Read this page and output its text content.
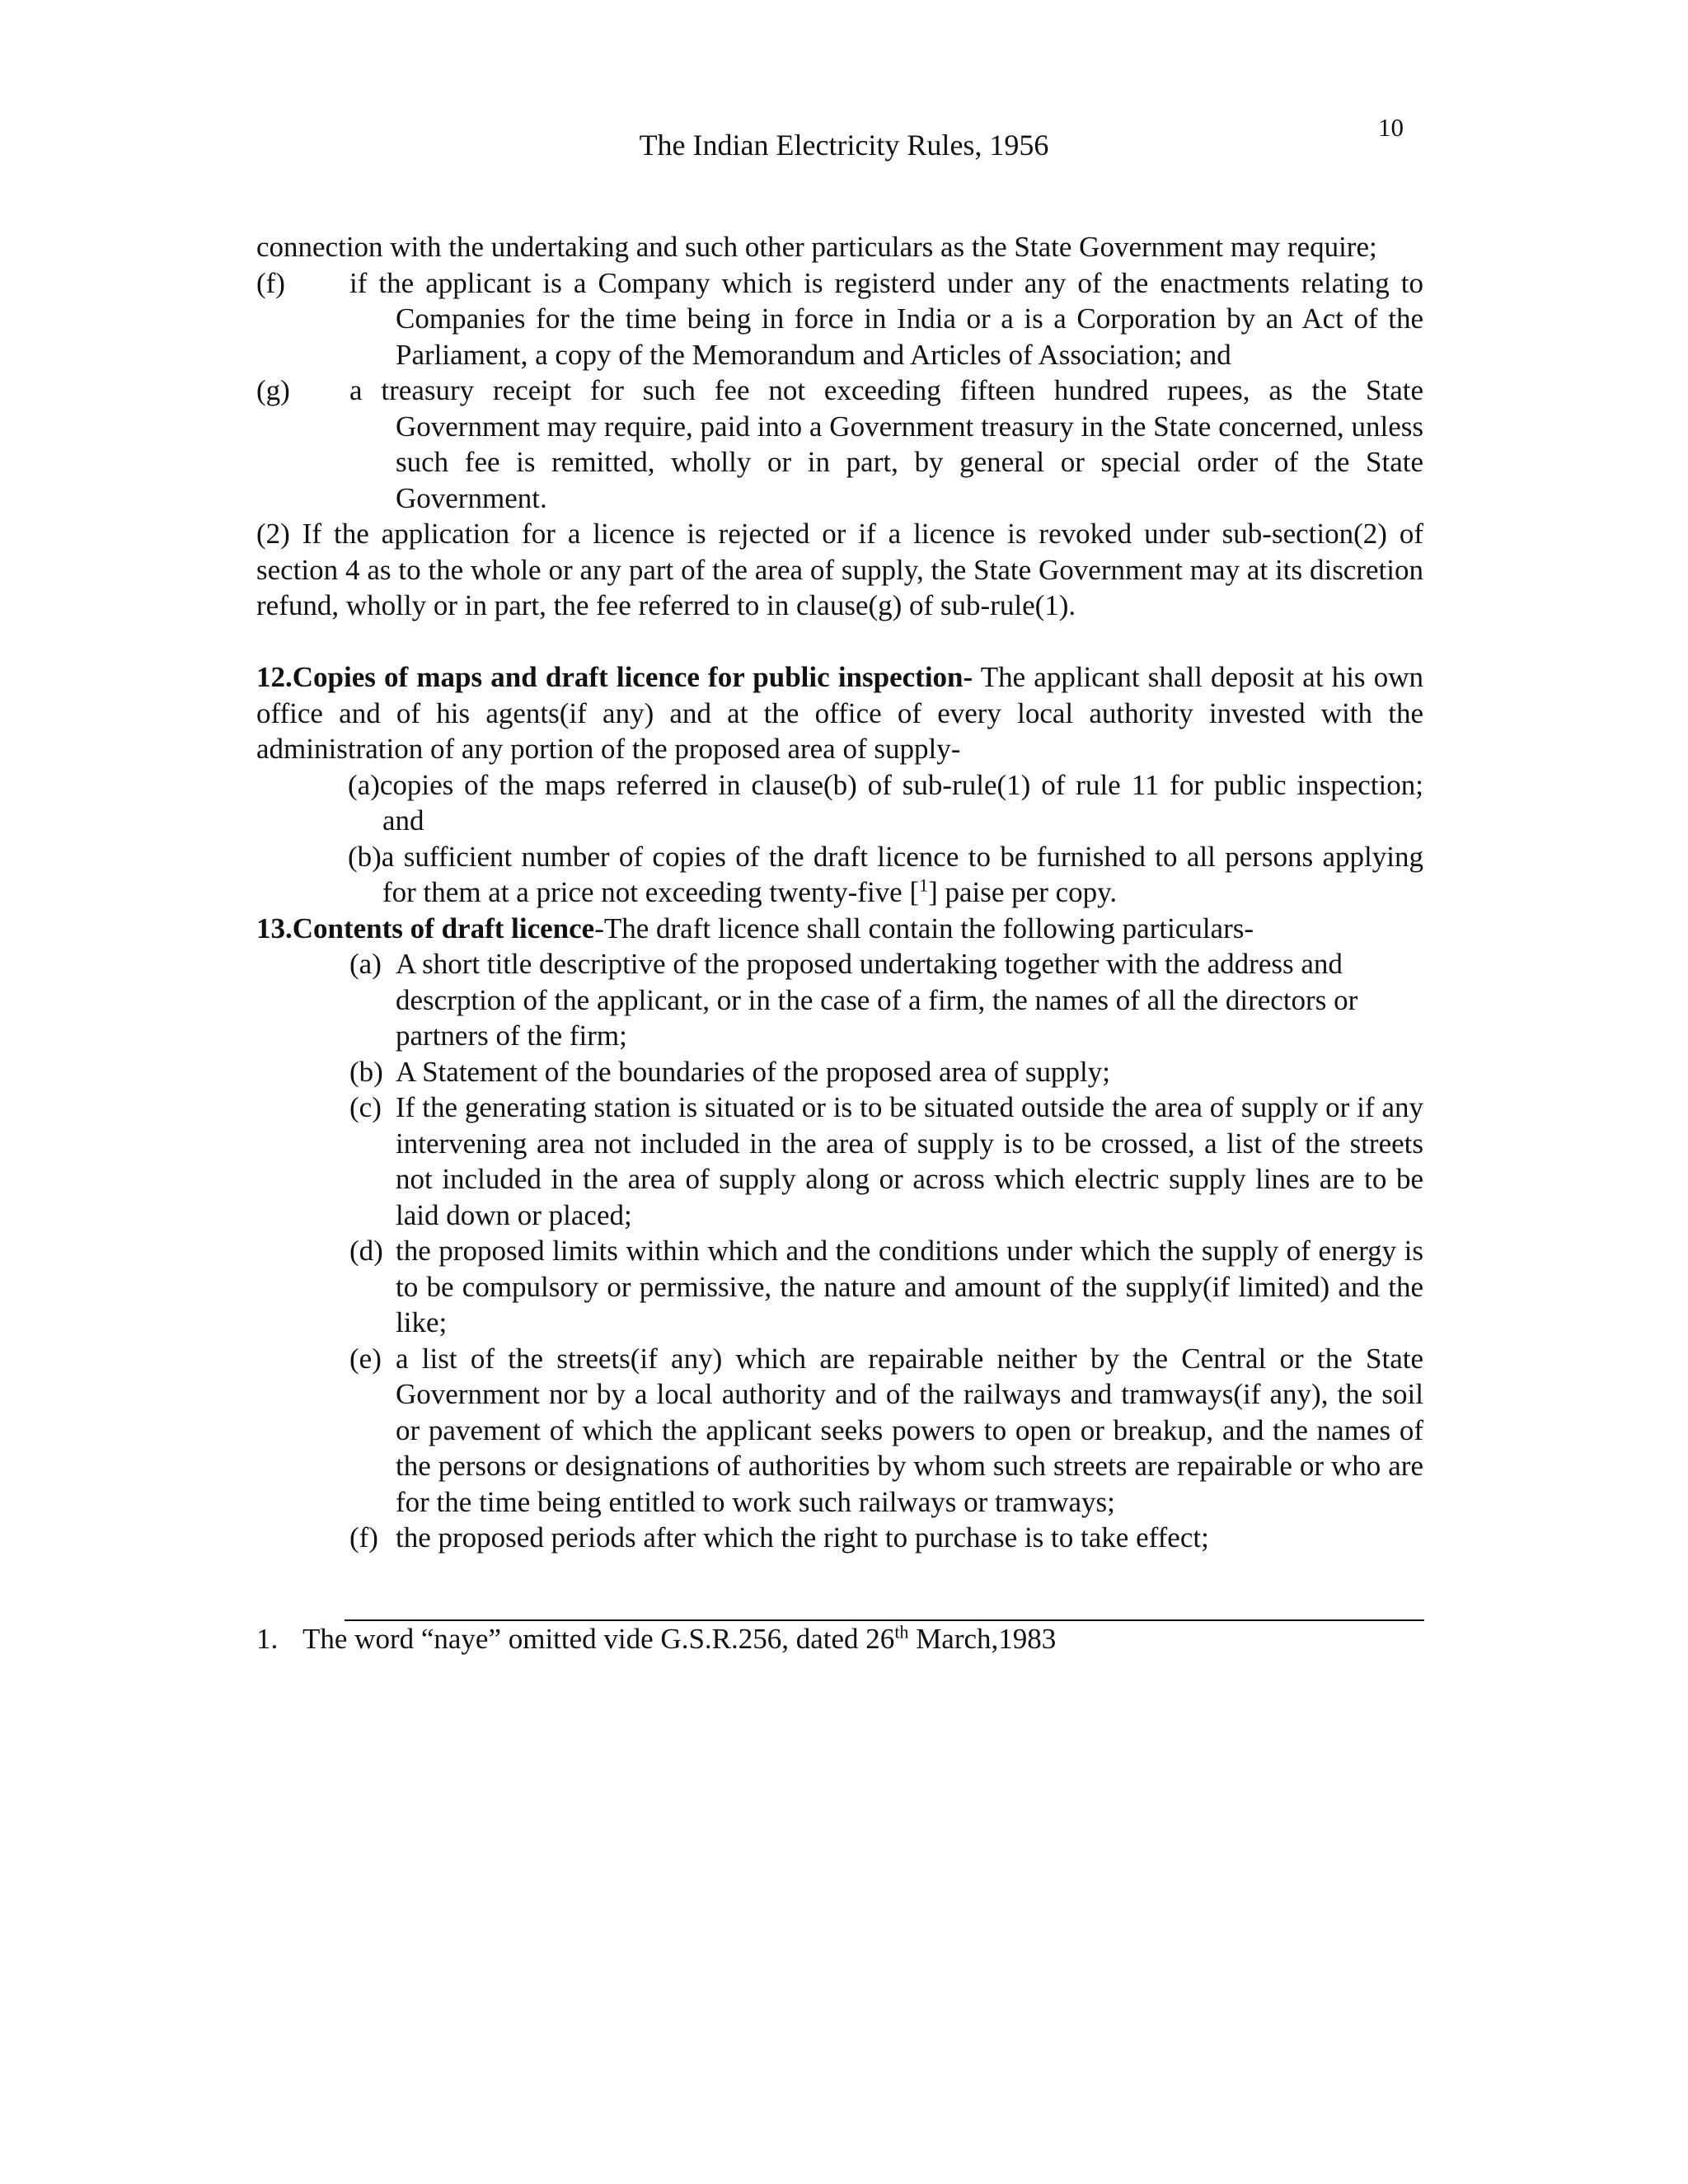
10
The Indian Electricity Rules, 1956

connection with the undertaking and such other particulars as the State Government may require;

(f)	if the applicant is a Company which is registerd under any of the enactments relating to Companies for the time being in force in India or a is a Corporation by an Act of the Parliament, a copy of the Memorandum and Articles of Association; and
(g)	a treasury receipt for such fee not exceeding fifteen hundred rupees, as the State Government may require, paid into a Government treasury in the State concerned, unless such fee is remitted, wholly or in part, by general or special order of the State Government.

(2) If the application for a licence is rejected or if a licence is revoked under sub-section(2) of section 4 as to the whole or any part of the area of supply, the State Government may at its discretion refund, wholly or in part, the fee referred to in clause(g) of sub-rule(1).

12.Copies of maps and draft licence for public inspection- The applicant shall deposit at his own office and of his agents(if any) and at the office of every local authority invested with the administration of any portion of the proposed area of supply-

(a)copies of the maps referred in clause(b) of sub-rule(1) of rule 11 for public inspection; and

(b)a sufficient number of copies of the draft licence to be furnished to all persons applying for them at a price not exceeding twenty-five [$^1$] paise per copy.

13.Contents of draft licence-The draft licence shall contain the following particulars-

(a) A short title descriptive of the proposed undertaking together with the address and descrption of the applicant, or in the case of a firm, the names of all the directors or partners of the firm;
(b) A Statement of the boundaries of the proposed area of supply;
(c) If the generating station is situated or is to be situated outside the area of supply or if any intervening area not included in the area of supply is to be crossed, a list of the streets not included in the area of supply along or across which electric supply lines are to be laid down or placed;
(d) the proposed limits within which and the conditions under which the supply of energy is to be compulsory or permissive, the nature and amount of the supply(if limited) and the like;
(e) a list of the streets(if any) which are repairable neither by the Central or the State Government nor by a local authority and of the railways and tramways(if any), the soil or pavement of which the applicant seeks powers to open or breakup, and the names of the persons or designations of authorities by whom such streets are repairable or who are for the time being entitled to work such railways or tramways;
(f) the proposed periods after which the right to purchase is to take effect;
1. The word “naye” omitted vide G.S.R.256, dated 26th March,1983
